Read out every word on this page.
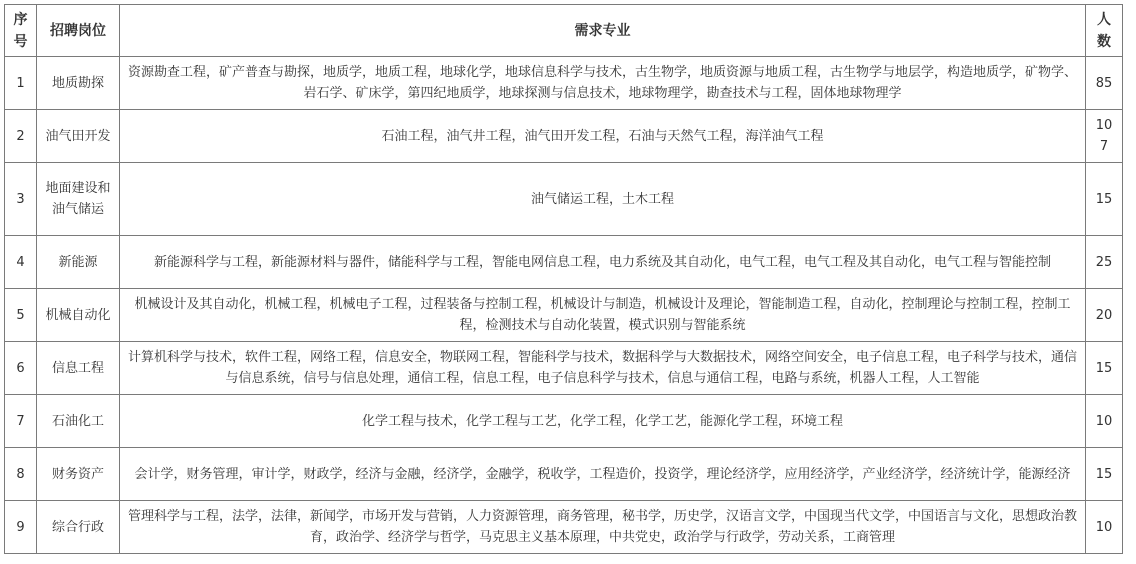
序号	招聘岗位	需求专业	人数
1	地质勘探	资源勘查工程，矿产普查与勘探，地质学，地质工程，地球化学，地球信息科学与技术，古生物学，地质资源与地质工程，古生物学与地层学，构造地质学，矿物学、岩石学、矿床学，第四纪地质学，地球探测与信息技术，地球物理学，勘查技术与工程，固体地球物理学	85
2	油气田开发	石油工程，油气井工程，油气田开发工程，石油与天然气工程，海洋油气工程	107
3	地面建设和油气储运	油气储运工程，土木工程	15
4	新能源	新能源科学与工程，新能源材料与器件，储能科学与工程，智能电网信息工程，电力系统及其自动化，电气工程，电气工程及其自动化，电气工程与智能控制	25
5	机械自动化	机械设计及其自动化，机械工程，机械电子工程，过程装备与控制工程，机械设计与制造，机械设计及理论，智能制造工程，自动化，控制理论与控制工程，控制工程，检测技术与自动化装置，模式识别与智能系统	20
6	信息工程	计算机科学与技术，软件工程，网络工程，信息安全，物联网工程，智能科学与技术，数据科学与大数据技术，网络空间安全，电子信息工程，电子科学与技术，通信与信息系统，信号与信息处理，通信工程，信息工程，电子信息科学与技术，信息与通信工程，电路与系统，机器人工程，人工智能	15
7	石油化工	化学工程与技术，化学工程与工艺，化学工程，化学工艺，能源化学工程，环境工程	10
8	财务资产	会计学，财务管理，审计学，财政学，经济与金融，经济学，金融学，税收学，工程造价，投资学，理论经济学，应用经济学，产业经济学，经济统计学，能源经济	15
9	综合行政	管理科学与工程，法学，法律，新闻学，市场开发与营销，人力资源管理，商务管理，秘书学，历史学，汉语言文学，中国现当代文学，中国语言与文化，思想政治教育，政治学、经济学与哲学，马克思主义基本原理，中共党史，政治学与行政学，劳动关系，工商管理	10
